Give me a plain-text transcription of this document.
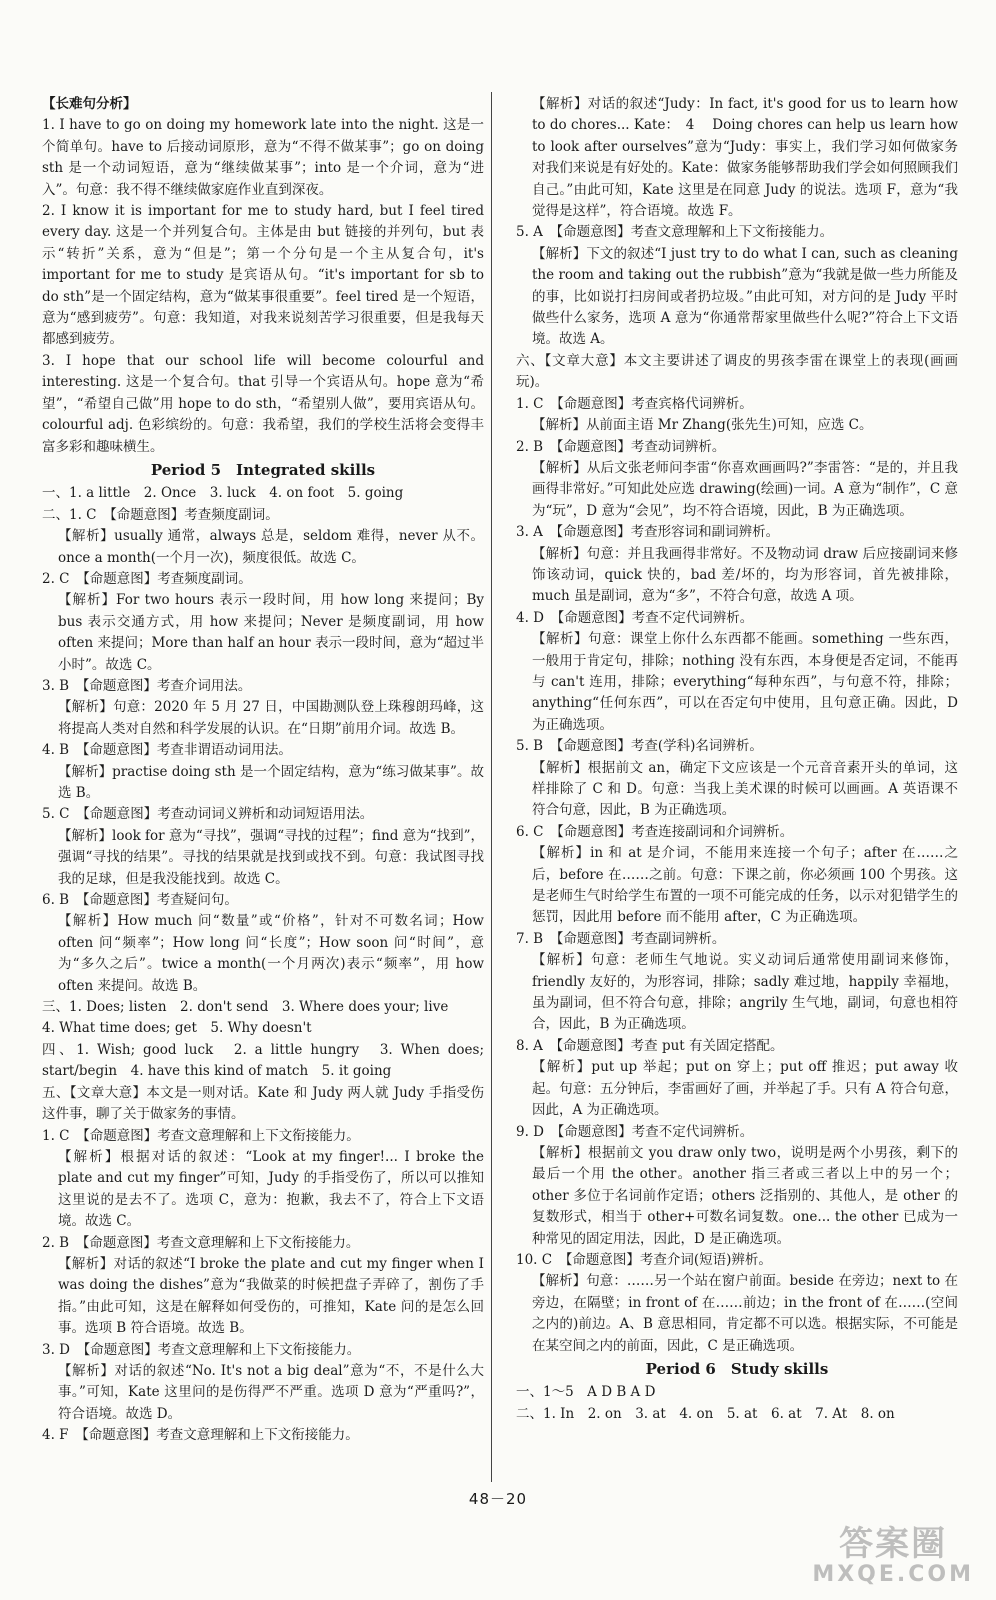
【长难句分析】

1. I have to go on doing my homework late into the night. 这是一个简单句。have to 后接动词原形，意为“不得不做某事”；go on doing sth 是一个动词短语，意为“继续做某事”；into 是一个介词，意为“进入”。句意：我不得不继续做家庭作业直到深夜。

2. I know it is important for me to study hard, but I feel tired every day. 这是一个并列复合句。主体是由 but 链接的并列句，but 表示“转折”关系，意为“但是”；第一个分句是一个主从复合句，it's important for me to study 是宾语从句。“it's important for sb to do sth”是一个固定结构，意为“做某事很重要”。feel tired 是一个短语，意为“感到疲劳”。句意：我知道，对我来说刻苦学习很重要，但是我每天都感到疲劳。

3. I hope that our school life will become colourful and interesting. 这是一个复合句。that 引导一个宾语从句。hope 意为“希望”，“希望自己做”用 hope to do sth，“希望别人做”，要用宾语从句。colourful adj. 色彩缤纷的。句意：我希望，我们的学校生活将会变得丰富多彩和趣味横生。

Period 5　Integrated skills

一、1. a little　2. Once　3. luck　4. on foot　5. going

二、1. C　【命题意图】考查频度副词。

【解析】usually 通常，always 总是，seldom 难得，never 从不。once a month(一个月一次)，频度很低。故选 C。

2. C　【命题意图】考查频度副词。

【解析】For two hours 表示一段时间，用 how long 来提问；By bus 表示交通方式，用 how 来提问；Never 是频度副词，用 how often 来提问；More than half an hour 表示一段时间，意为“超过半小时”。故选 C。

3. B　【命题意图】考查介词用法。

【解析】句意：2020 年 5 月 27 日，中国勘测队登上珠穆朗玛峰，这将提高人类对自然和科学发展的认识。在“日期”前用介词。故选 B。

4. B　【命题意图】考查非谓语动词用法。

【解析】practise doing sth 是一个固定结构，意为“练习做某事”。故选 B。

5. C　【命题意图】考查动词词义辨析和动词短语用法。

【解析】look for 意为“寻找”，强调“寻找的过程”；find 意为“找到”，强调“寻找的结果”。寻找的结果就是找到或找不到。句意：我试图寻找我的足球，但是我没能找到。故选 C。

6. B　【命题意图】考查疑问句。

【解析】How much 问“数量”或“价格”，针对不可数名词；How often 问“频率”；How long 问“长度”；How soon 问“时间”，意为“多久之后”。twice a month(一个月两次)表示“频率”，用 how often 来提问。故选 B。

三、1. Does; listen　2. don't send　3. Where does your; live

4. What time does; get　5. Why doesn't

四、1. Wish; good luck　2. a little hungry　3. When does; start/begin　4. have this kind of match　5. it going

五、【文章大意】本文是一则对话。Kate 和 Judy 两人就 Judy 手指受伤这件事，聊了关于做家务的事情。

1. C　【命题意图】考查文意理解和上下文衔接能力。

【解析】根据对话的叙述：“Look at my finger!... I broke the plate and cut my finger”可知，Judy 的手指受伤了，所以可以推知这里说的是去不了。选项 C，意为：抱歉，我去不了，符合上下文语境。故选 C。

2. B　【命题意图】考查文意理解和上下文衔接能力。

【解析】对话的叙述“I broke the plate and cut my finger when I was doing the dishes”意为“我做菜的时候把盘子弄碎了，割伤了手指。”由此可知，这是在解释如何受伤的，可推知，Kate 问的是怎么回事。选项 B 符合语境。故选 B。

3. D　【命题意图】考查文意理解和上下文衔接能力。

【解析】对话的叙述“No. It's not a big deal”意为“不，不是什么大事。”可知，Kate 这里问的是伤得严不严重。选项 D 意为“严重吗?”，符合语境。故选 D。

4. F　【命题意图】考查文意理解和上下文衔接能力。

【解析】对话的叙述“Judy：In fact, it's good for us to learn how to do chores... Kate：　4　 Doing chores can help us learn how to look after ourselves”意为“Judy：事实上，我们学习如何做家务对我们来说是有好处的。Kate：做家务能够帮助我们学会如何照顾我们自己。”由此可知，Kate 这里是在同意 Judy 的说法。选项 F，意为“我觉得是这样”，符合语境。故选 F。

5. A　【命题意图】考查文意理解和上下文衔接能力。

【解析】下文的叙述“I just try to do what I can, such as cleaning the room and taking out the rubbish”意为“我就是做一些力所能及的事，比如说打扫房间或者扔垃圾。”由此可知，对方问的是 Judy 平时做些什么家务，选项 A 意为“你通常帮家里做些什么呢?”符合上下文语境。故选 A。

六、【文章大意】本文主要讲述了调皮的男孩李雷在课堂上的表现(画画玩)。

1. C　【命题意图】考查宾格代词辨析。

【解析】从前面主语 Mr Zhang(张先生)可知，应选 C。

2. B　【命题意图】考查动词辨析。

【解析】从后文张老师问李雷“你喜欢画画吗?”李雷答：“是的，并且我画得非常好。”可知此处应选 drawing(绘画)一词。A 意为“制作”，C 意为“玩”，D 意为“会见”，均不符合语境，因此，B 为正确选项。

3. A　【命题意图】考查形容词和副词辨析。

【解析】句意：并且我画得非常好。不及物动词 draw 后应接副词来修饰该动词，quick 快的，bad 差/坏的，均为形容词，首先被排除，much 虽是副词，意为“多”，不符合句意，故选 A 项。

4. D　【命题意图】考查不定代词辨析。

【解析】句意：课堂上你什么东西都不能画。something 一些东西，一般用于肯定句，排除；nothing 没有东西，本身便是否定词，不能再与 can't 连用，排除；everything“每种东西”，与句意不符，排除；anything“任何东西”，可以在否定句中使用，且句意正确。因此，D 为正确选项。

5. B　【命题意图】考查(学科)名词辨析。

【解析】根据前文 an，确定下文应该是一个元音音素开头的单词，这样排除了 C 和 D。句意：当我上美术课的时候可以画画。A 英语课不符合句意，因此，B 为正确选项。

6. C　【命题意图】考查连接副词和介词辨析。

【解析】in 和 at 是介词，不能用来连接一个句子；after 在……之后，before 在……之前。句意：下课之前，你必须画 100 个男孩。这是老师生气时给学生布置的一项不可能完成的任务，以示对犯错学生的惩罚，因此用 before 而不能用 after，C 为正确选项。

7. B　【命题意图】考查副词辨析。

【解析】句意：老师生气地说。实义动词后通常使用副词来修饰，friendly 友好的，为形容词，排除；sadly 难过地，happily 幸福地，虽为副词，但不符合句意，排除；angrily 生气地，副词，句意也相符合，因此，B 为正确选项。

8. A　【命题意图】考查 put 有关固定搭配。

【解析】put up 举起；put on 穿上；put off 推迟；put away 收起。句意：五分钟后，李雷画好了画，并举起了手。只有 A 符合句意，因此，A 为正确选项。

9. D　【命题意图】考查不定代词辨析。

【解析】根据前文 you draw only two，说明是两个小男孩，剩下的最后一个用 the other。another 指三者或三者以上中的另一个；other 多位于名词前作定语；others 泛指别的、其他人，是 other 的复数形式，相当于 other+可数名词复数。one... the other 已成为一种常见的固定用法，因此，D 是正确选项。

10. C　【命题意图】考查介词(短语)辨析。

【解析】句意：……另一个站在窗户前面。beside 在旁边；next to 在旁边，在隔壁；in front of 在……前边；in the front of 在……(空间之内的)前边。A、B 意思相同，肯定都不可以选。根据实际，不可能是在某空间之内的前面，因此，C 是正确选项。

Period 6　Study skills

一、1～5　A D B A D

二、1. In　2. on　3. at　4. on　5. at　6. at　7. At　8. on

48－20
答案圈
MXQE.COM
